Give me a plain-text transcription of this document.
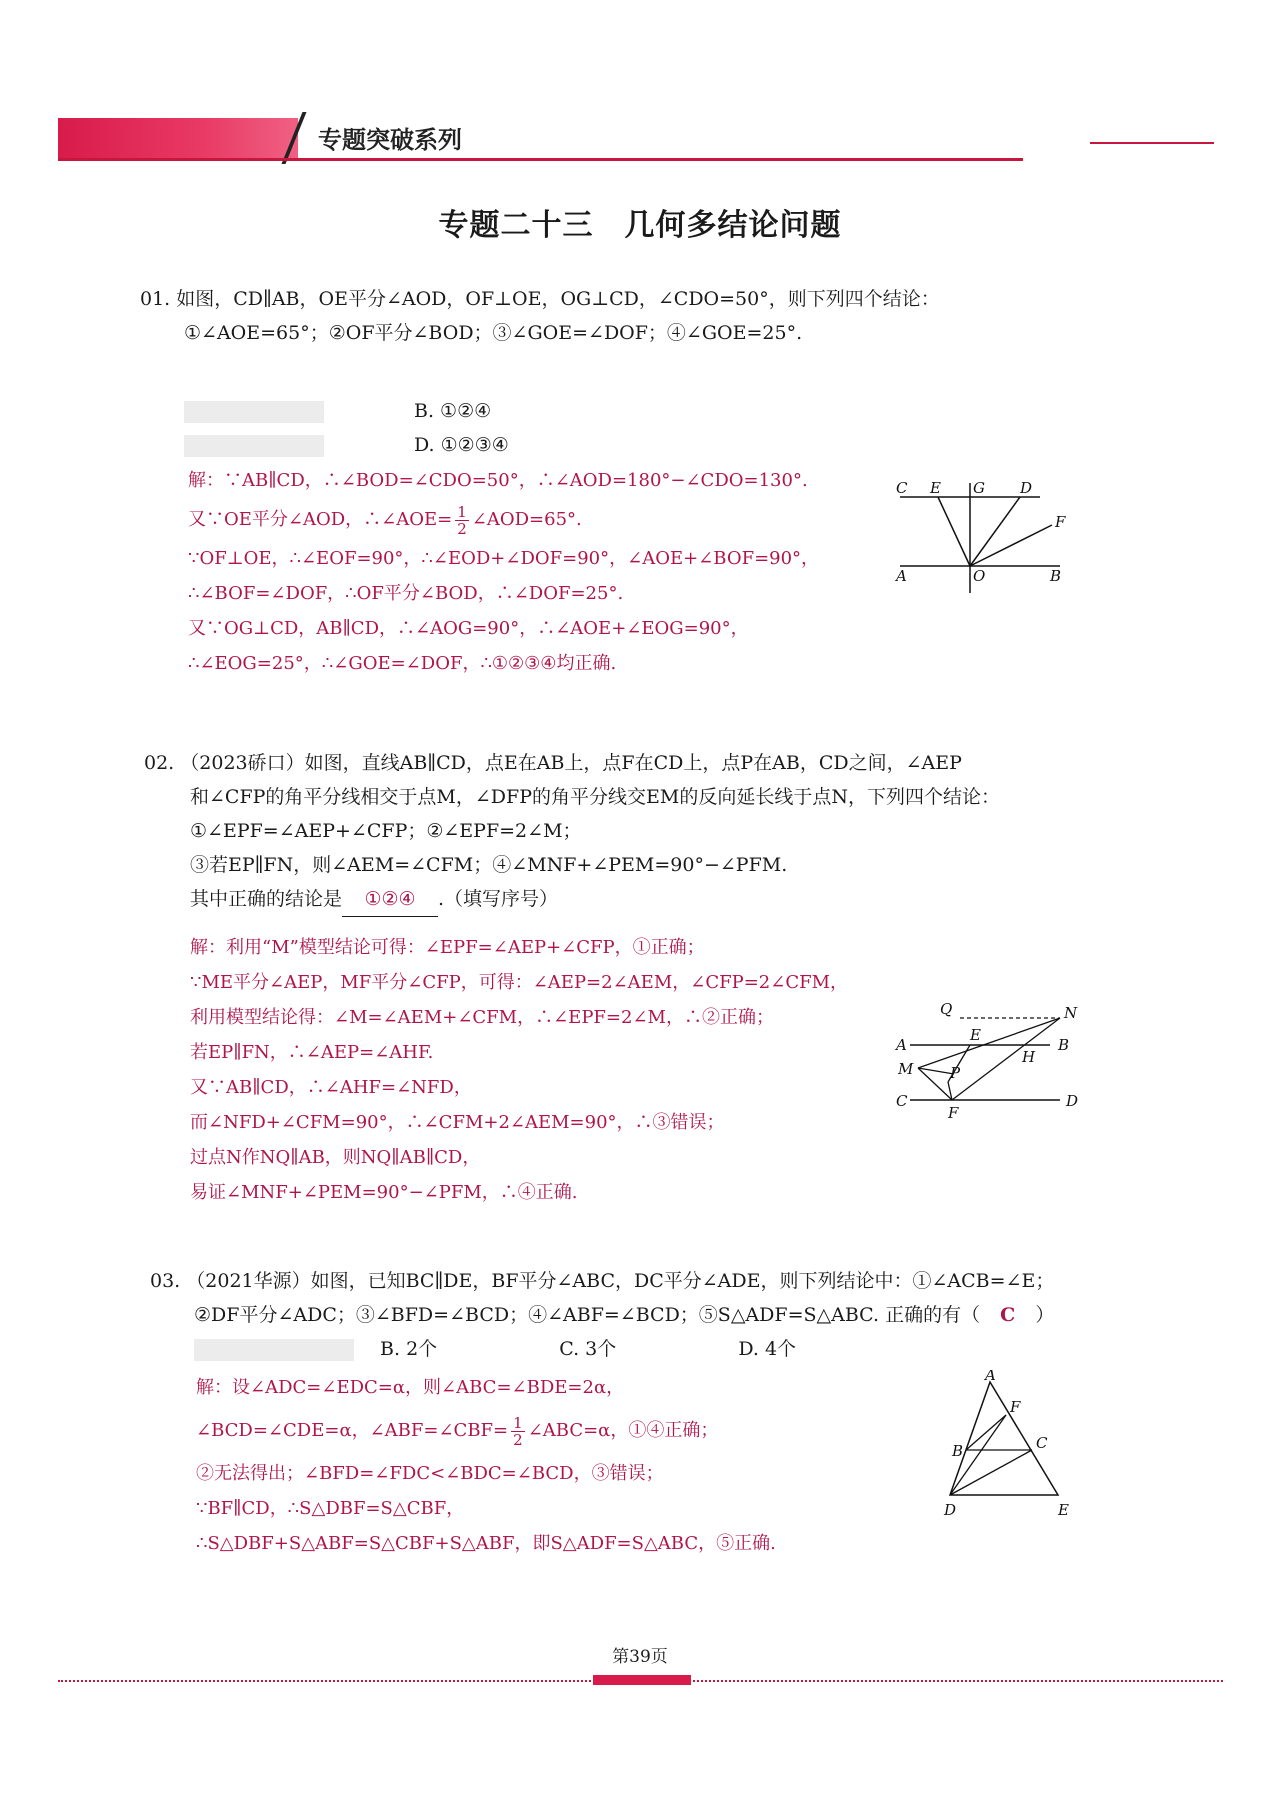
专题突破系列
专题二十三　几何多结论问题
01. 如图，CD∥AB，OE平分∠AOD，OF⊥OE，OG⊥CD，∠CDO=50°，则下列四个结论：
①∠AOE=65°；②OF平分∠BOD；③∠GOE=∠DOF；④∠GOE=25°.
B. ①②④
D. ①②③④
解：∵AB∥CD，∴∠BOD=∠CDO=50°，∴∠AOD=180°−∠CDO=130°.
又∵OE平分∠AOD，∴∠AOE= $\frac{1}{2}$ ∠AOD=65°.
∵OF⊥OE，∴∠EOF=90°，∴∠EOD+∠DOF=90°，∠AOE+∠BOF=90°，
∴∠BOF=∠DOF，∴OF平分∠BOD，∴∠DOF=25°.
又∵OG⊥CD，AB∥CD，∴∠AOG=90°，∴∠AOE+∠EOG=90°，
∴∠EOG=25°，∴∠GOE=∠DOF，∴①②③④均正确.
C E G D
F
A	O	B
02. （2023硚口）如图，直线AB∥CD，点E在AB上，点F在CD上，点P在AB，CD之间，∠AEP
和∠CFP的角平分线相交于点M，∠DFP的角平分线交EM的反向延长线于点N，下列四个结论：
①∠EPF=∠AEP+∠CFP；②∠EPF=2∠M；
③若EP∥FN，则∠AEM=∠CFM；④∠MNF+∠PEM=90°−∠PFM.
其中正确的结论是 ①②④ .（填写序号）
解：利用“M”模型结论可得：∠EPF=∠AEP+∠CFP，①正确；
∵ME平分∠AEP，MF平分∠CFP，可得：∠AEP=2∠AEM，∠CFP=2∠CFM，
利用模型结论得：∠M=∠AEM+∠CFM，∴∠EPF=2∠M，∴②正确；
若EP∥FN，∴∠AEP=∠AHF.
又∵AB∥CD，∴∠AHF=∠NFD，
而∠NFD+∠CFM=90°，∴∠CFM+2∠AEM=90°，∴③错误；
过点N作NQ∥AB，则NQ∥AB∥CD，
易证∠MNF+∠PEM=90°−∠PFM，∴④正确.
Q	N
E
A	B
H
M P
C
F
D
03. （2021华源）如图，已知BC∥DE，BF平分∠ABC，DC平分∠ADE，则下列结论中：①∠ACB=∠E；
②DF平分∠ADC；③∠BFD=∠BCD；④∠ABF=∠BCD；⑤S△ADF=S△ABC. 正确的有（ C ）
B. 2个	C. 3个	D. 4个
解：设∠ADC=∠EDC=α，则∠ABC=∠BDE=2α，
∠BCD=∠CDE=α，∠ABF=∠CBF= $\frac{1}{2}$ ∠ABC=α，①④正确；
②无法得出；∠BFD=∠FDC<∠BDC=∠BCD，③错误；
∵BF∥CD，∴S△DBF=S△CBF，
∴S△DBF+S△ABF=S△CBF+S△ABF，即S△ADF=S△ABC，⑤正确.
A
F
B	C
D	E
第39页
